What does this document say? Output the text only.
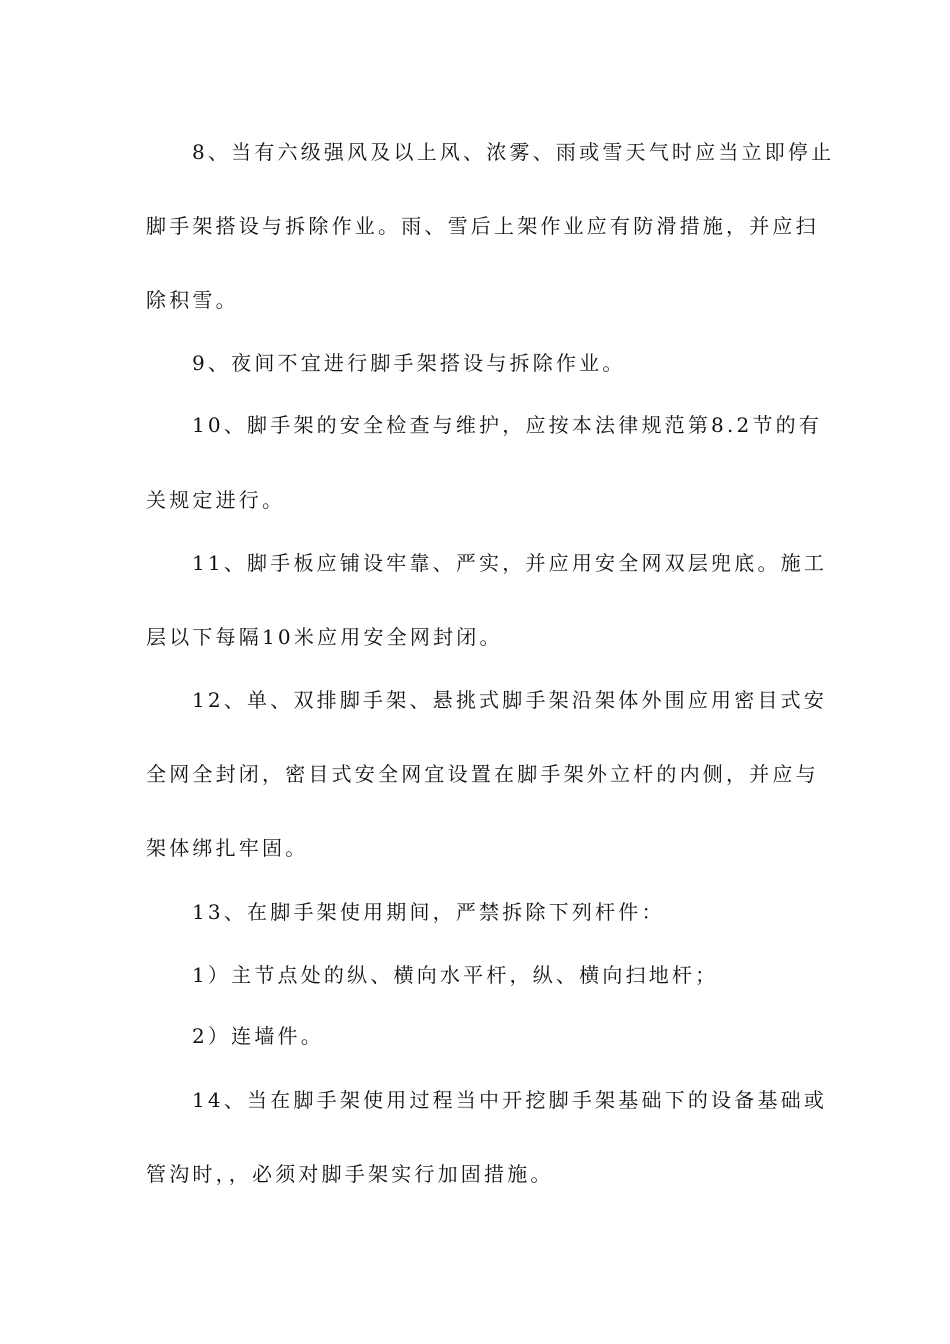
8、当有六级强风及以上风、浓雾、雨或雪天气时应当立即停止
脚手架搭设与拆除作业。雨、雪后上架作业应有防滑措施，并应扫
除积雪。
9、夜间不宜进行脚手架搭设与拆除作业。
10、脚手架的安全检查与维护，应按本法律规范第8.2节的有
关规定进行。
11、脚手板应铺设牢靠、严实，并应用安全网双层兜底。施工
层以下每隔10米应用安全网封闭。
12、单、双排脚手架、悬挑式脚手架沿架体外围应用密目式安
全网全封闭，密目式安全网宜设置在脚手架外立杆的内侧，并应与
架体绑扎牢固。
13、在脚手架使用期间，严禁拆除下列杆件：
1）主节点处的纵、横向水平杆，纵、横向扫地杆；
2）连墙件。
14、当在脚手架使用过程当中开挖脚手架基础下的设备基础或
管沟时，，必须对脚手架实行加固措施。
